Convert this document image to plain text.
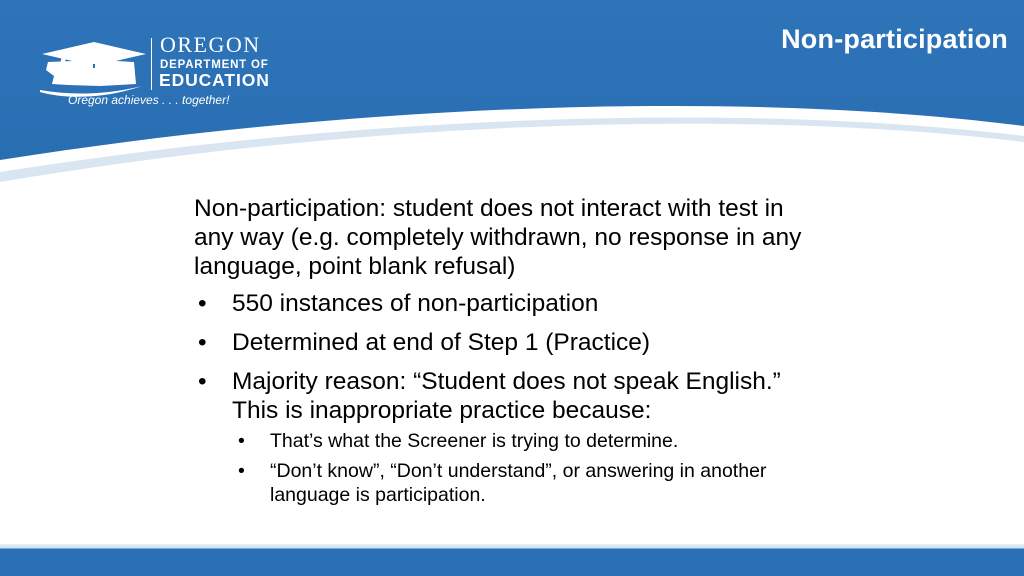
Non-participation
OREGON
DEPARTMENT OF
EDUCATION
Oregon achieves . . . together!

Non-participation: student does not interact with test in any way (e.g. completely withdrawn, no response in any language, point blank refusal)

• 550 instances of non-participation
• Determined at end of Step 1 (Practice)
• Majority reason: “Student does not speak English.” This is inappropriate practice because:
• That’s what the Screener is trying to determine.
• “Don’t know”, “Don’t understand”, or answering in another language is participation.
